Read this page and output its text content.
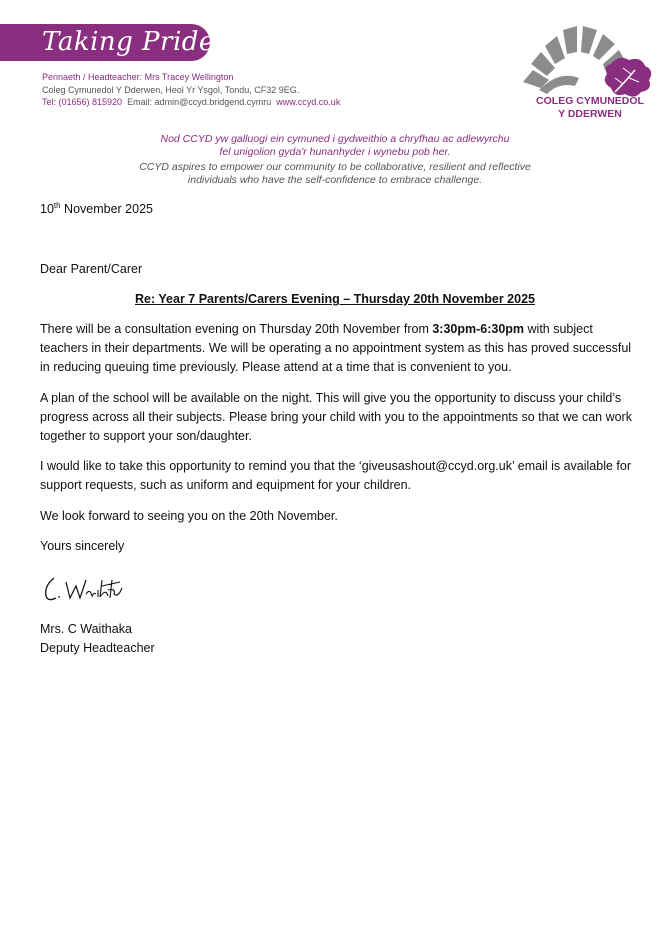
Taking Pride
Pennaeth / Headteacher: Mrs Tracey Wellington
Coleg Cymunedol Y Dderwen, Heol Yr Ysgol, Tondu, CF32 9EG.
Tel: (01656) 815920 Email: admin@ccyd.bridgend.cymru www.ccyd.co.uk	COLEG CYMUNEDOL
Y DDERWEN
Nod CCYD yw galluogi ein cymuned i gydweithio a chryfhau ac adlewyrchu
fel unigolion gyda'r hunanhyder i wynebu pob her.
CCYD aspires to empower our community to be collaborative, resilient and reflective
individuals who have the self-confidence to embrace challenge.
10th November 2025
Dear Parent/Carer
Re: Year 7 Parents/Carers Evening – Thursday 20th November 2025
There will be a consultation evening on Thursday 20th November from 3:30pm-6:30pm with subject teachers in their departments. We will be operating a no appointment system as this has proved successful in reducing queuing time previously. Please attend at a time that is convenient to you.
A plan of the school will be available on the night. This will give you the opportunity to discuss your child’s progress across all their subjects. Please bring your child with you to the appointments so that we can work together to support your son/daughter.
I would like to take this opportunity to remind you that the ‘giveusashout@ccyd.org.uk’ email is available for support requests, such as uniform and equipment for your children.
We look forward to seeing you on the 20th November.
Yours sincerely
Mrs. C Waithaka
Deputy Headteacher
